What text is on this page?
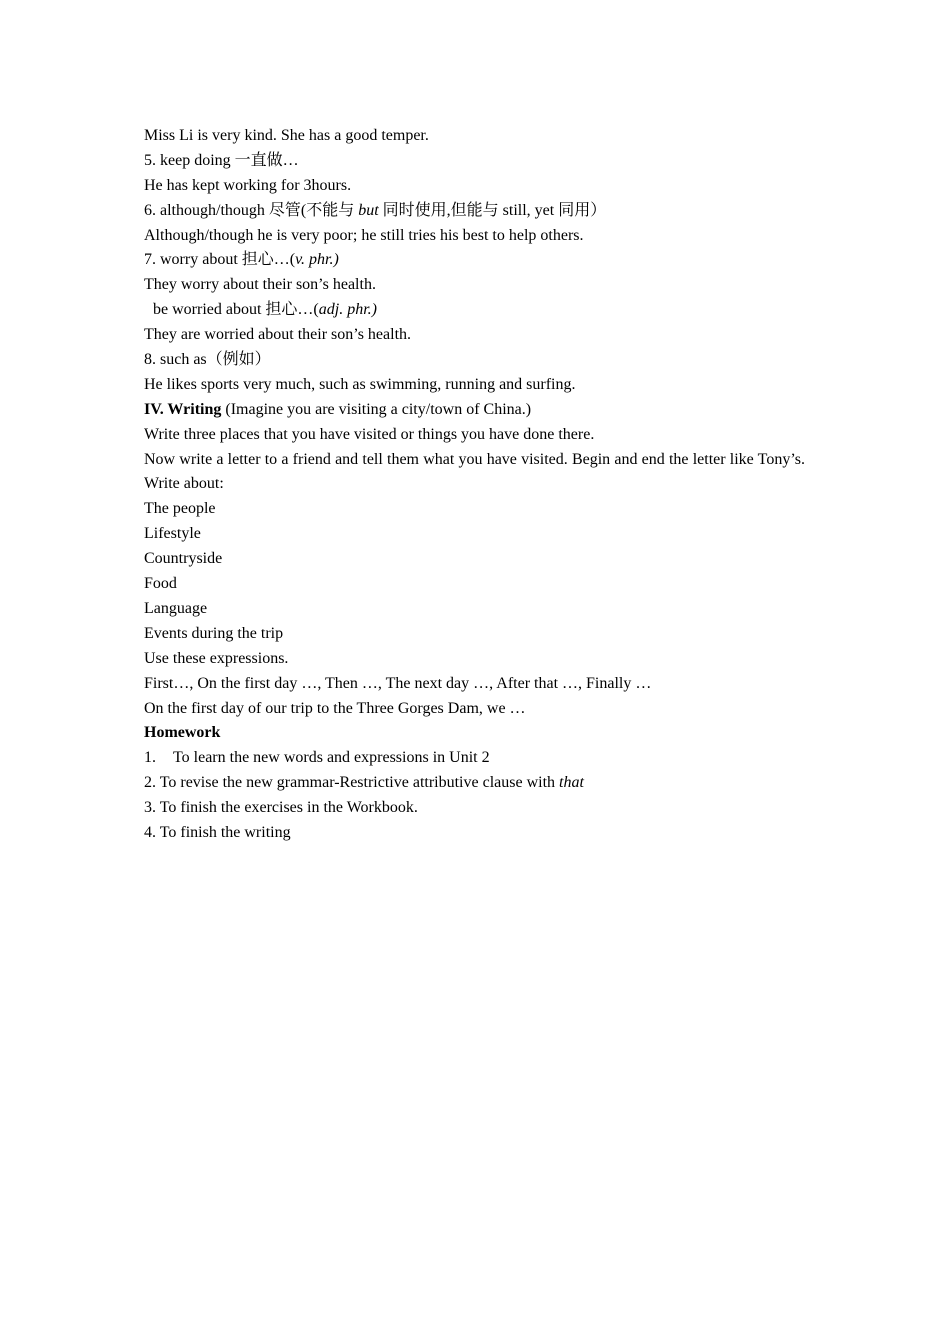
Miss Li is very kind. She has a good temper.
5. keep doing 一直做…
He has kept working for 3hours.
6. although/though 尽管(不能与 but 同时使用,但能与 still, yet 同用）
Although/though he is very poor; he still tries his best to help others.
7. worry about 担心…(v. phr.)
They worry about their son’s health.
be worried about 担心…(adj. phr.)
They are worried about their son’s health.
8. such as（例如）
He likes sports very much, such as swimming, running and surfing.
IV. Writing (Imagine you are visiting a city/town of China.)
Write three places that you have visited or things you have done there.
Now write a letter to a friend and tell them what you have visited. Begin and end the letter like Tony’s. Write about:
The people
Lifestyle
Countryside
Food
Language
Events during the trip
Use these expressions.
First…, On the first day …, Then …, The next day …, After that …, Finally …
On the first day of our trip to the Three Gorges Dam, we …
Homework
1. To learn the new words and expressions in Unit 2
2. To revise the new grammar-Restrictive attributive clause with that
3. To finish the exercises in the Workbook.
4. To finish the writing
